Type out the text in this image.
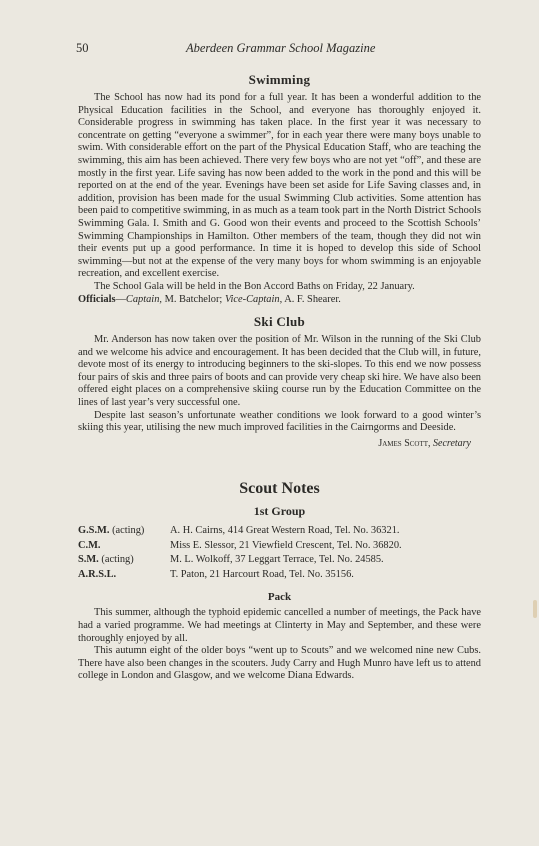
50	Aberdeen Grammar School Magazine
Swimming

The School has now had its pond for a full year. It has been a wonderful addition to the Physical Education facilities in the School, and everyone has thoroughly enjoyed it. Considerable progress in swimming has taken place. In the first year it was necessary to concentrate on getting “everyone a swimmer”, for in each year there were many boys unable to swim. With considerable effort on the part of the Physical Education Staff, who are teaching the swimming, this aim has been achieved. There very few boys who are not yet “off”, and these are mostly in the first year. Life saving has now been added to the work in the pond and this will be reported on at the end of the year. Evenings have been set aside for Life Saving classes and, in addition, provision has been made for the usual Swimming Club activities. Some attention has been paid to competitive swimming, in as much as a team took part in the North District Schools Swimming Gala. I. Smith and G. Good won their events and proceed to the Scottish Schools’ Swimming Championships in Hamilton. Other members of the team, though they did not win their events put up a good performance. In time it is hoped to develop this side of School swimming—but not at the expense of the very many boys for whom swimming is an enjoyable recreation, and excellent exercise.

The School Gala will be held in the Bon Accord Baths on Friday, 22 January.

Officials—Captain, M. Batchelor; Vice-Captain, A. F. Shearer.

Ski Club

Mr. Anderson has now taken over the position of Mr. Wilson in the running of the Ski Club and we welcome his advice and encouragement. It has been decided that the Club will, in future, devote most of its energy to introducing beginners to the ski-slopes. To this end we now possess four pairs of skis and three pairs of boots and can provide very cheap ski hire. We have also been offered eight places on a comprehensive skiing course run by the Education Committee on the lines of last year’s very successful one.

Despite last season’s unfortunate weather conditions we look forward to a good winter’s skiing this year, utilising the new much improved facilities in the Cairngorms and Deeside.

James Scott, Secretary

Scout Notes
1st Group
G.S.M. (acting)	A. H. Cairns, 414 Great Western Road, Tel. No. 36321.
C.M.	Miss E. Slessor, 21 Viewfield Crescent, Tel. No. 36820.
S.M. (acting)	M. L. Wolkoff, 37 Leggart Terrace, Tel. No. 24585.
A.R.S.L.	T. Paton, 21 Harcourt Road, Tel. No. 35156.
Pack

This summer, although the typhoid epidemic cancelled a number of meetings, the Pack have had a varied programme. We had meetings at Clinterty in May and September, and these were thoroughly enjoyed by all.

This autumn eight of the older boys “went up to Scouts” and we welcomed nine new Cubs. There have also been changes in the scouters. Judy Carry and Hugh Munro have left us to attend college in London and Glasgow, and we welcome Diana Edwards.
